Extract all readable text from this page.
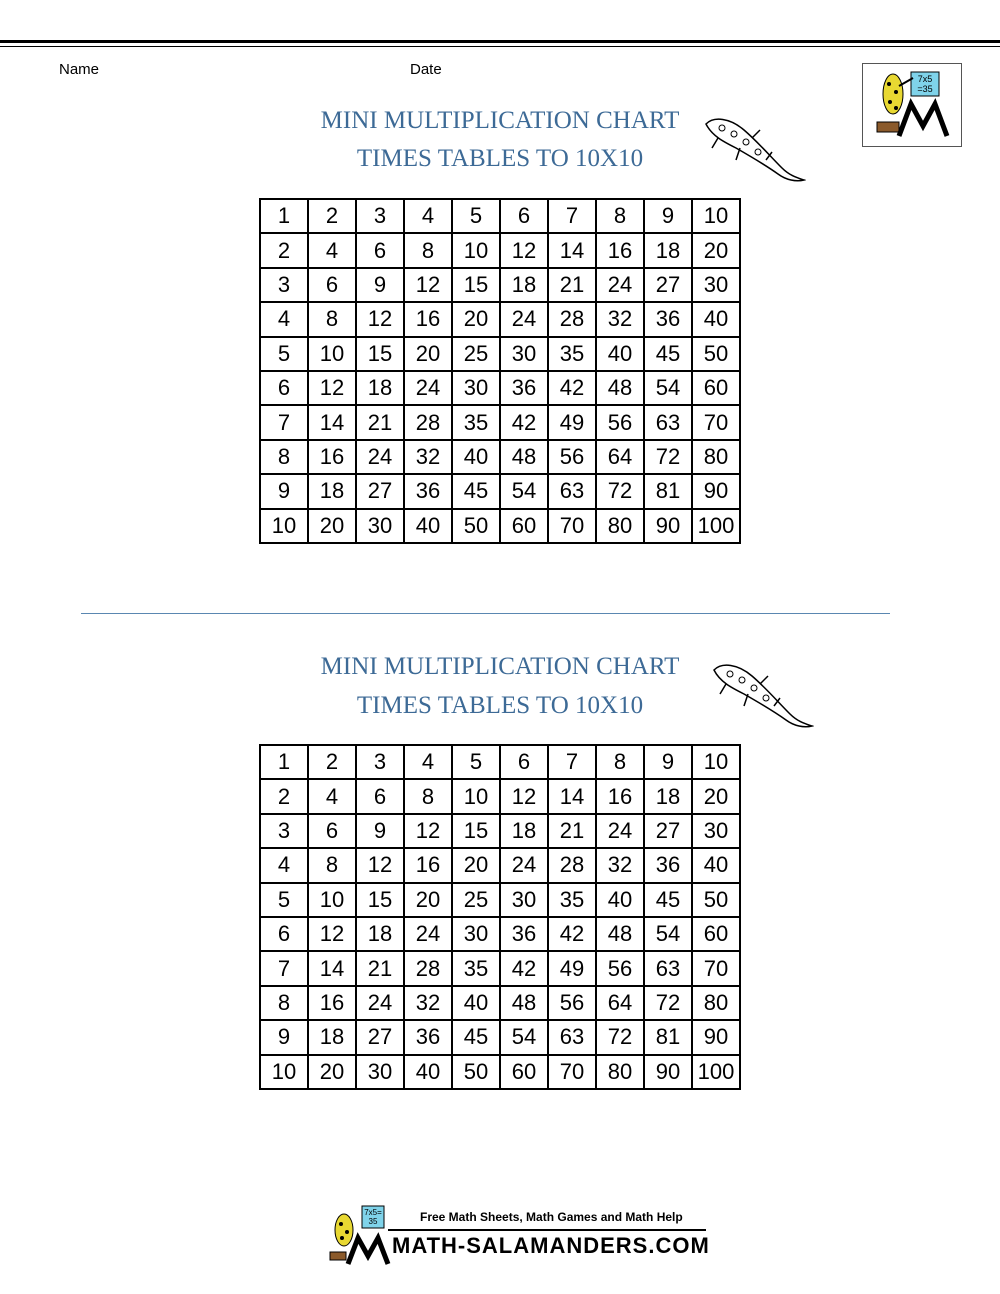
Name	Date
7x5
=35
MINI MULTIPLICATION CHART
TIMES TABLES TO 10X10
1	2	3	4	5	6	7	8	9	10
2	4	6	8	10	12	14	16	18	20
3	6	9	12	15	18	21	24	27	30
4	8	12	16	20	24	28	32	36	40
5	10	15	20	25	30	35	40	45	50
6	12	18	24	30	36	42	48	54	60
7	14	21	28	35	42	49	56	63	70
8	16	24	32	40	48	56	64	72	80
9	18	27	36	45	54	63	72	81	90
10	20	30	40	50	60	70	80	90	100
MINI MULTIPLICATION CHART
TIMES TABLES TO 10X10
1	2	3	4	5	6	7	8	9	10
2	4	6	8	10	12	14	16	18	20
3	6	9	12	15	18	21	24	27	30
4	8	12	16	20	24	28	32	36	40
5	10	15	20	25	30	35	40	45	50
6	12	18	24	30	36	42	48	54	60
7	14	21	28	35	42	49	56	63	70
8	16	24	32	40	48	56	64	72	80
9	18	27	36	45	54	63	72	81	90
10	20	30	40	50	60	70	80	90	100
7x5=
35	Free Math Sheets, Math Games and Math Help
MATH-SALAMANDERS.COM
